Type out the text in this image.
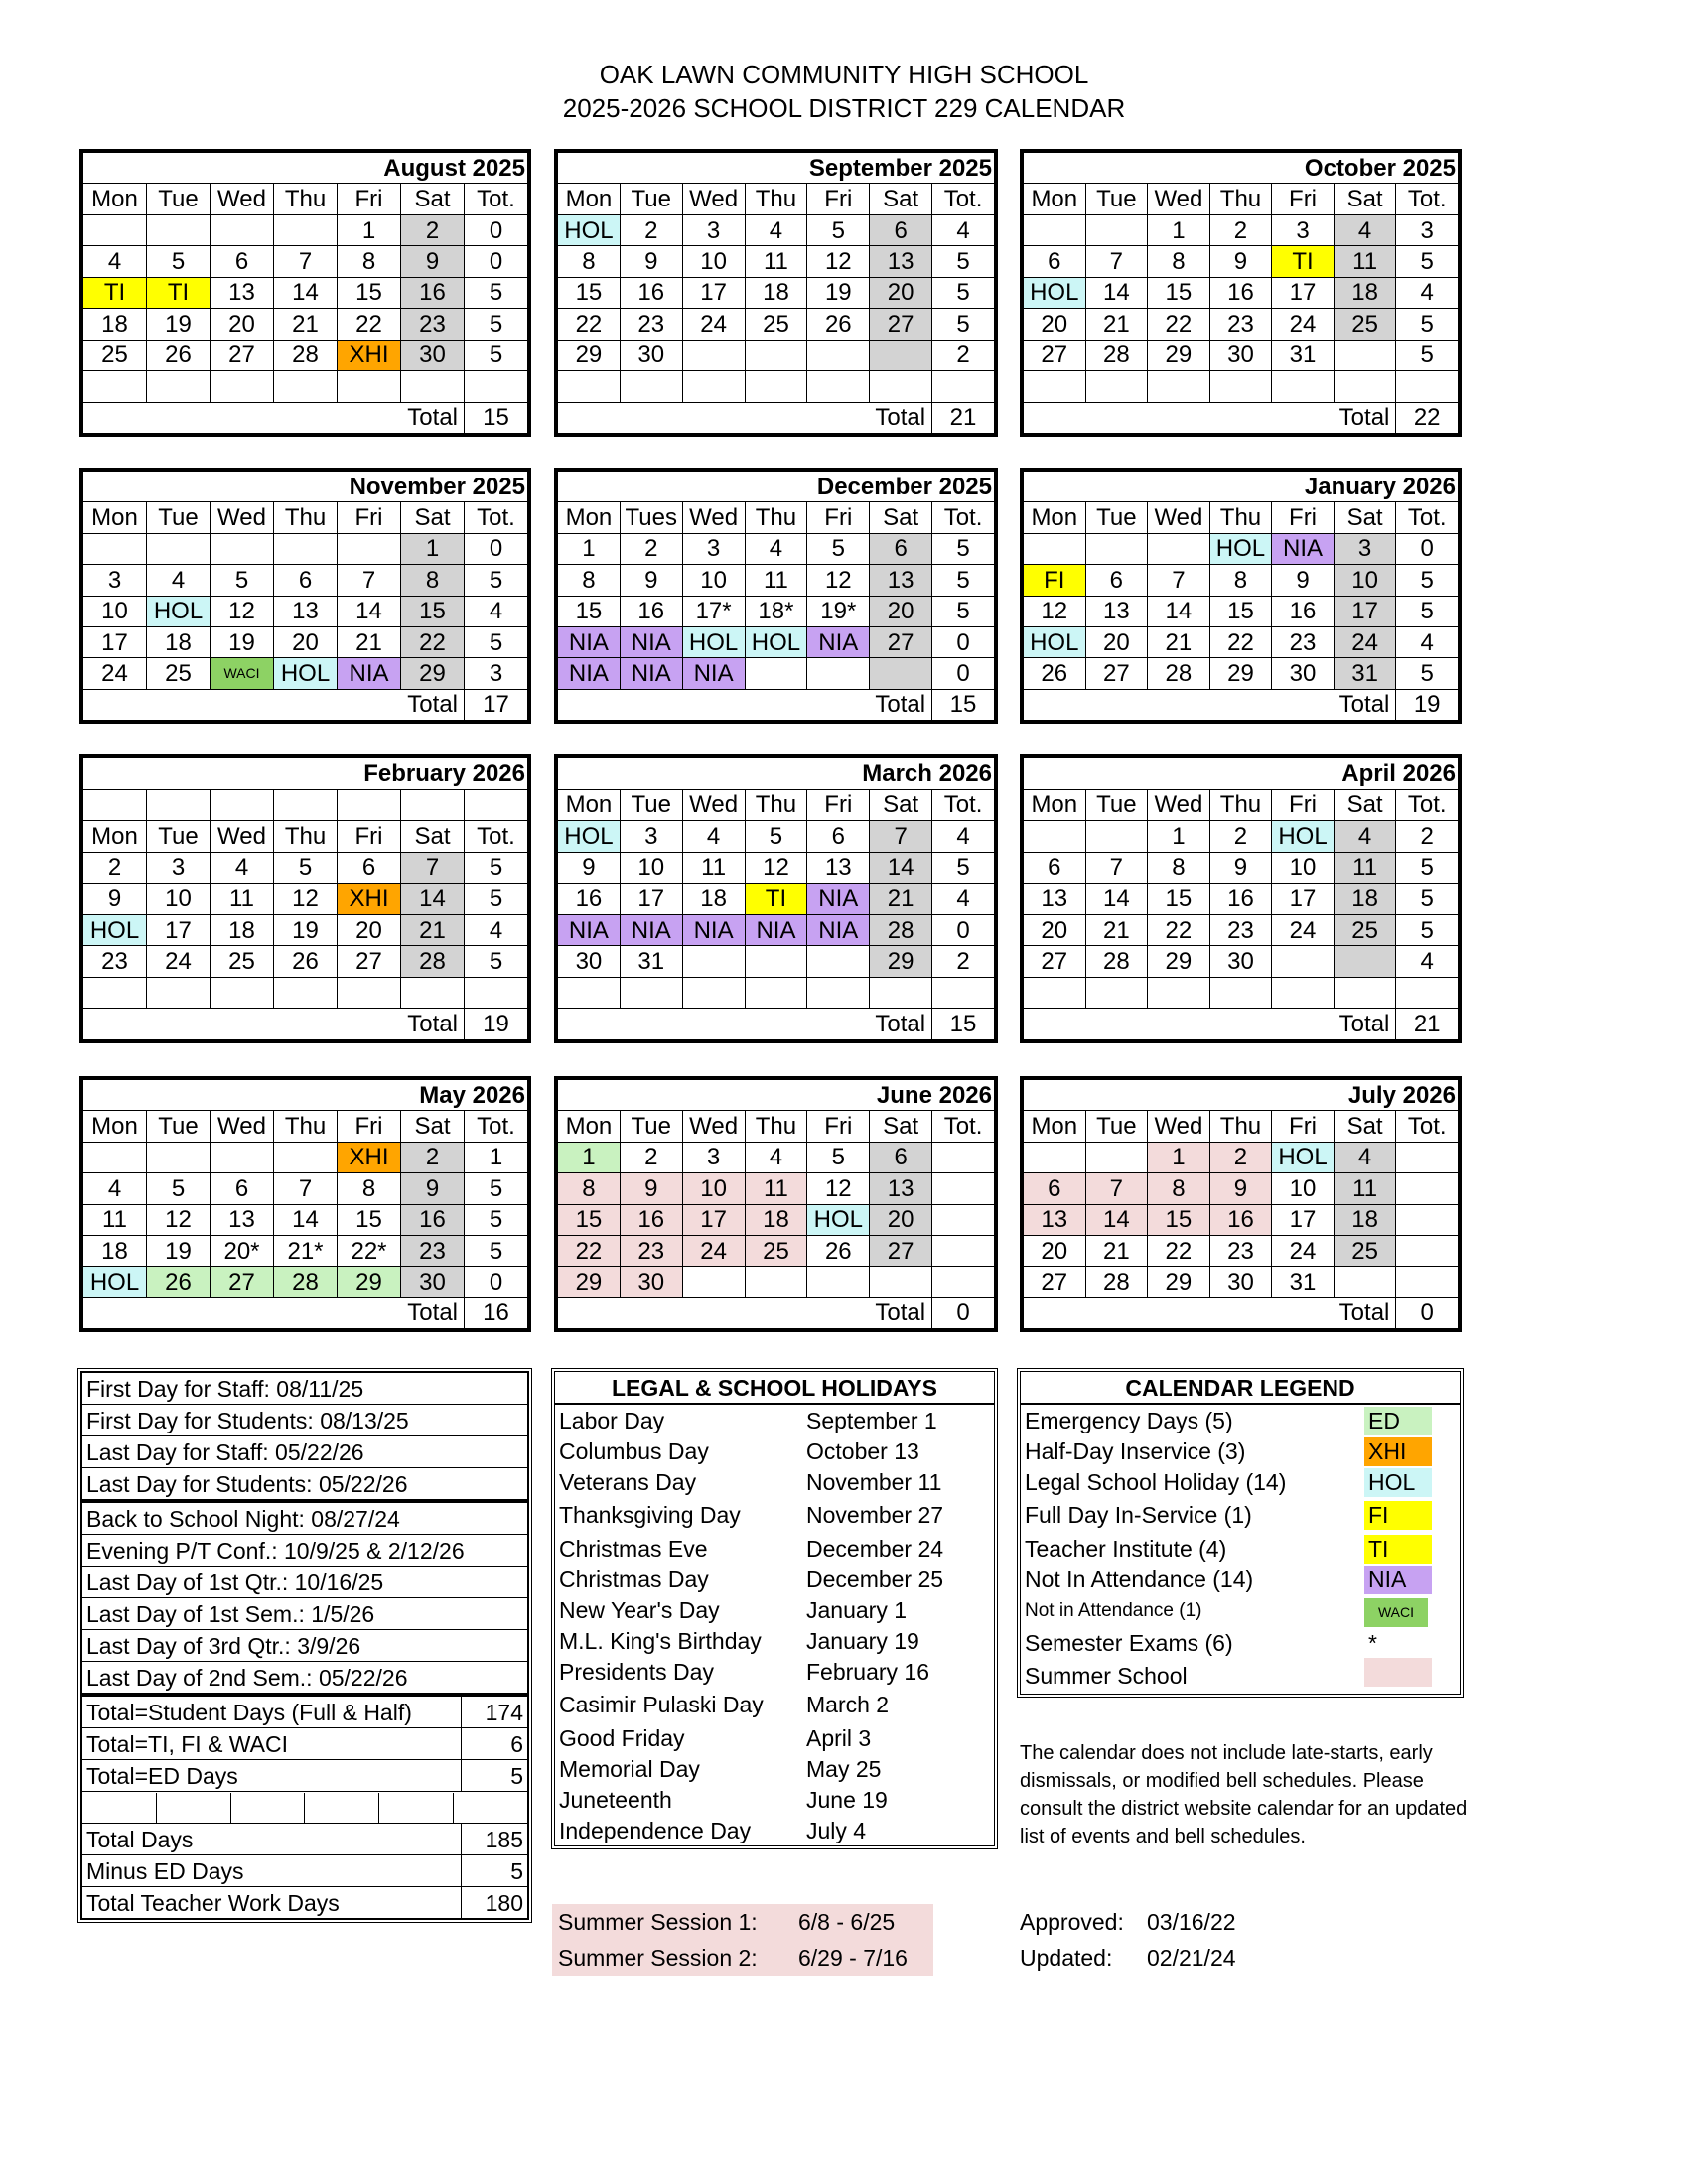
OAK LAWN COMMUNITY HIGH SCHOOL
2025-2026 SCHOOL DISTRICT 229 CALENDAR
August 2025						
Mon	Tue	Wed	Thu	Fri	Sat	Tot.
				1	2	0
4	5	6	7	8	9	0
TI	TI	13	14	15	16	5
18	19	20	21	22	23	5
25	26	27	28	XHI	30	5

Total						15
September 2025						
Mon	Tue	Wed	Thu	Fri	Sat	Tot.
HOL	2	3	4	5	6	4
8	9	10	11	12	13	5
15	16	17	18	19	20	5
22	23	24	25	26	27	5
29	30					2

Total						21
October 2025						
Mon	Tue	Wed	Thu	Fri	Sat	Tot.
		1	2	3	4	3
6	7	8	9	TI	11	5
HOL	14	15	16	17	18	4
20	21	22	23	24	25	5
27	28	29	30	31		5

Total						22
November 2025						
Mon	Tue	Wed	Thu	Fri	Sat	Tot.
					1	0
3	4	5	6	7	8	5
10	HOL	12	13	14	15	4
17	18	19	20	21	22	5
24	25	WACI	HOL	NIA	29	3
Total						17
December 2025						
Mon	Tues	Wed	Thu	Fri	Sat	Tot.
1	2	3	4	5	6	5
8	9	10	11	12	13	5
15	16	17*	18*	19*	20	5
NIA	NIA	HOL	HOL	NIA	27	0
NIA	NIA	NIA				0
Total						15
January 2026						
Mon	Tue	Wed	Thu	Fri	Sat	Tot.
			HOL	NIA	3	0
FI	6	7	8	9	10	5
12	13	14	15	16	17	5
HOL	20	21	22	23	24	4
26	27	28	29	30	31	5
Total						19
February 2026						

Mon	Tue	Wed	Thu	Fri	Sat	Tot.
2	3	4	5	6	7	5
9	10	11	12	XHI	14	5
HOL	17	18	19	20	21	4
23	24	25	26	27	28	5

Total						19
March 2026						
Mon	Tue	Wed	Thu	Fri	Sat	Tot.
HOL	3	4	5	6	7	4
9	10	11	12	13	14	5
16	17	18	TI	NIA	21	4
NIA	NIA	NIA	NIA	NIA	28	0
30	31				29	2

Total						15
April 2026						
Mon	Tue	Wed	Thu	Fri	Sat	Tot.
		1	2	HOL	4	2
6	7	8	9	10	11	5
13	14	15	16	17	18	5
20	21	22	23	24	25	5
27	28	29	30			4

Total						21
May 2026						
Mon	Tue	Wed	Thu	Fri	Sat	Tot.
				XHI	2	1
4	5	6	7	8	9	5
11	12	13	14	15	16	5
18	19	20*	21*	22*	23	5
HOL	26	27	28	29	30	0
Total						16
June 2026						
Mon	Tue	Wed	Thu	Fri	Sat	Tot.
1	2	3	4	5	6	
8	9	10	11	12	13	
15	16	17	18	HOL	20	
22	23	24	25	26	27	
29	30					
Total						0
July 2026						
Mon	Tue	Wed	Thu	Fri	Sat	Tot.
		1	2	HOL	4	
6	7	8	9	10	11	
13	14	15	16	17	18	
20	21	22	23	24	25	
27	28	29	30	31		
Total						0
First Day for Staff: 08/11/25	
First Day for Students: 08/13/25	
Last Day for Staff: 05/22/26	
Last Day for Students: 05/22/26	
Back to School Night: 08/27/24	
Evening P/T Conf.: 10/9/25 & 2/12/26	
Last Day of 1st Qtr.: 10/16/25	
Last Day of 1st Sem.: 1/5/26	
Last Day of 3rd Qtr.: 3/9/26	
Last Day of 2nd Sem.: 05/22/26	
Total=Student Days (Full & Half)	174
Total=TI, FI & WACI	6
Total=ED Days	5

Total Days	185
Minus ED Days	5
Total Teacher Work Days	180
LEGAL & SCHOOL HOLIDAYS	
Labor Day	September 1
Columbus Day	October 13
Veterans Day	November 11
Thanksgiving Day	November 27
Christmas Eve	December 24
Christmas Day	December 25
New Year's Day	January 1
M.L. King's Birthday	January 19
Presidents Day	February 16
Casimir Pulaski Day	March 2
Good Friday	April 3
Memorial Day	May 25
Juneteenth	June 19
Independence Day	July 4
CALENDAR LEGEND	
Emergency Days (5)	ED
Half-Day Inservice (3)	XHI
Legal School Holiday (14)	HOL
Full Day In-Service (1)	FI
Teacher Institute (4)	TI
Not In Attendance (14)	NIA
Not in Attendance (1)	WACI
Semester Exams (6)	*
Summer School	
The calendar does not include late-starts, early dismissals, or modified bell schedules. Please consult the district website calendar for an updated list of events and bell schedules.
Summer Session 1:	6/8 - 6/25
Summer Session 2:	6/29 - 7/16
Approved:	03/16/22
Updated:	02/21/24
